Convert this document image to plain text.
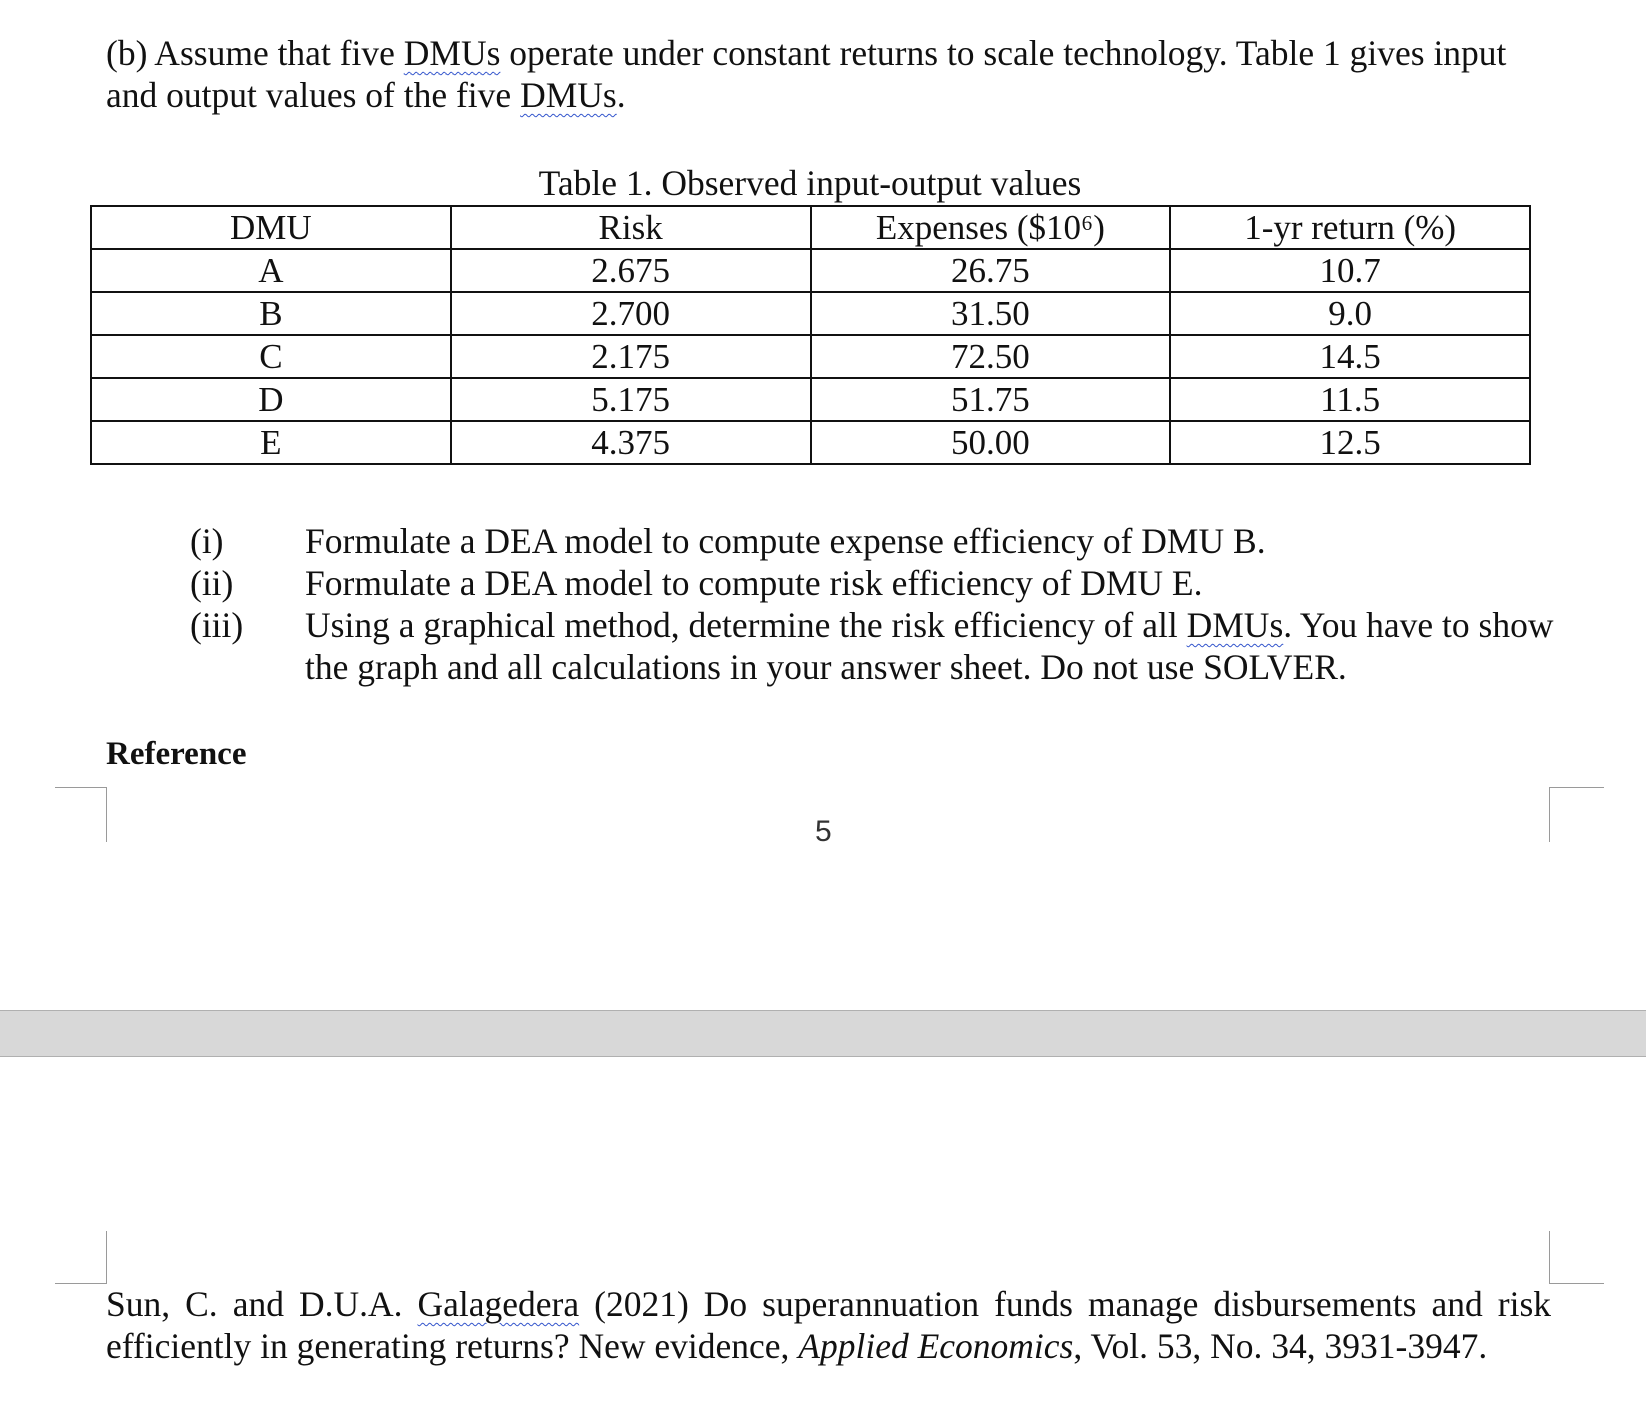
(b) Assume that five DMUs operate under constant returns to scale technology. Table 1 gives input and output values of the five DMUs.

Table 1. Observed input-output values
DMU	Risk	Expenses ($10⁶)	1-yr return (%)
A	2.675	26.75	10.7
B	2.700	31.50	9.0
C	2.175	72.50	14.5
D	5.175	51.75	11.5
E	4.375	50.00	12.5
(i) Formulate a DEA model to compute expense efficiency of DMU B.
(ii) Formulate a DEA model to compute risk efficiency of DMU E.
(iii) Using a graphical method, determine the risk efficiency of all DMUs. You have to show the graph and all calculations in your answer sheet. Do not use SOLVER.
Reference
5

Sun, C. and D.U.A. Galagedera (2021) Do superannuation funds manage disbursements and risk efficiently in generating returns? New evidence, Applied Economics, Vol. 53, No. 34, 3931-3947.
